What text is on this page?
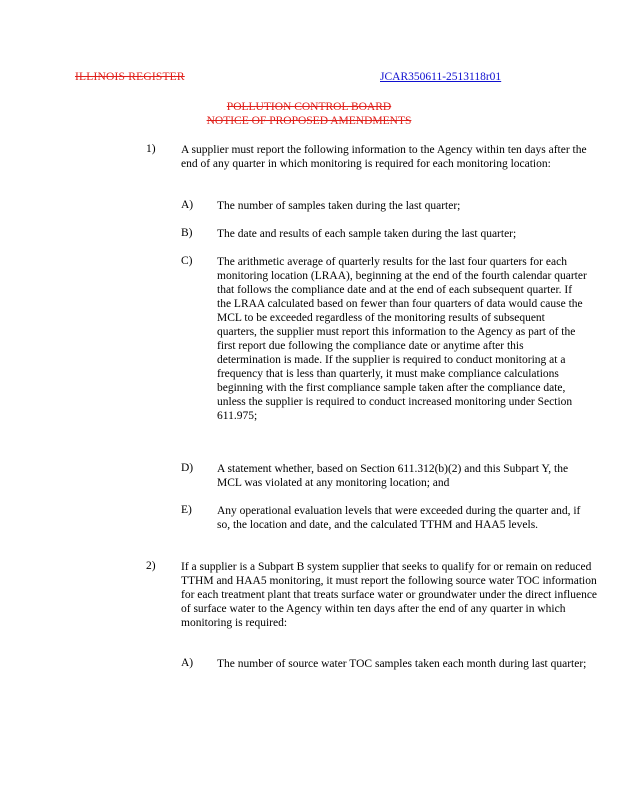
ILLINOIS REGISTER	JCAR350611-2513118r01
POLLUTION CONTROL BOARD
NOTICE OF PROPOSED AMENDMENTS
1) A supplier must report the following information to the Agency within ten days after the end of any quarter in which monitoring is required for each monitoring location:
A) The number of samples taken during the last quarter;
B) The date and results of each sample taken during the last quarter;
C) The arithmetic average of quarterly results for the last four quarters for each monitoring location (LRAA), beginning at the end of the fourth calendar quarter that follows the compliance date and at the end of each subsequent quarter. If the LRAA calculated based on fewer than four quarters of data would cause the MCL to be exceeded regardless of the monitoring results of subsequent quarters, the supplier must report this information to the Agency as part of the first report due following the compliance date or anytime after this determination is made. If the supplier is required to conduct monitoring at a frequency that is less than quarterly, it must make compliance calculations beginning with the first compliance sample taken after the compliance date, unless the supplier is required to conduct increased monitoring under Section 611.975;
D) A statement whether, based on Section 611.312(b)(2) and this Subpart Y, the MCL was violated at any monitoring location; and
E) Any operational evaluation levels that were exceeded during the quarter and, if so, the location and date, and the calculated TTHM and HAA5 levels.
2) If a supplier is a Subpart B system supplier that seeks to qualify for or remain on reduced TTHM and HAA5 monitoring, it must report the following source water TOC information for each treatment plant that treats surface water or groundwater under the direct influence of surface water to the Agency within ten days after the end of any quarter in which monitoring is required:
A) The number of source water TOC samples taken each month during last quarter;
